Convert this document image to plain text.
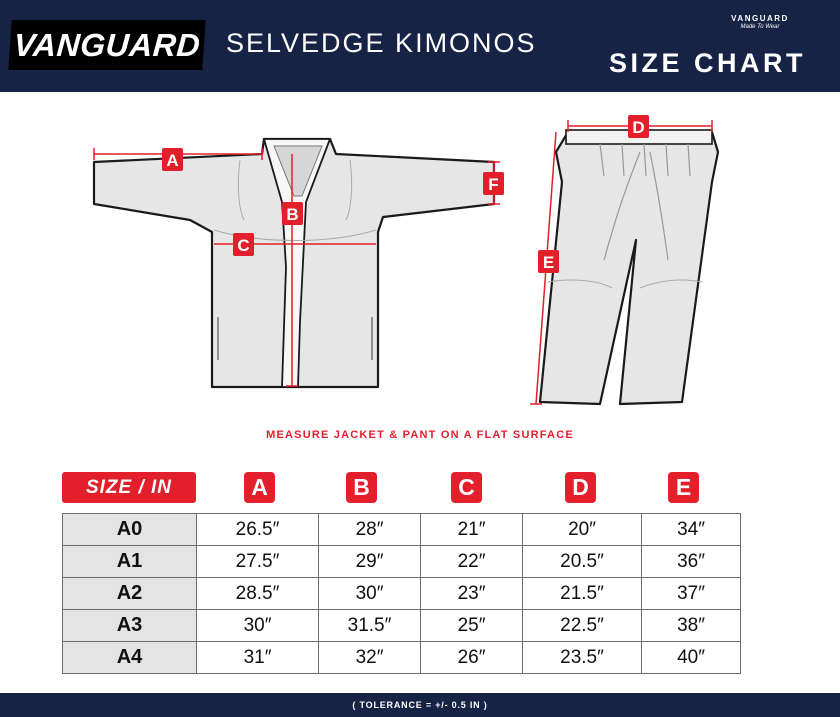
VANGUARD SELVEDGE KIMONOS
VANGUARD
Made To Wear
SIZE CHART
A
B
C
F
D
E
MEASURE JACKET & PANT ON A FLAT SURFACE
SIZE / IN	A	B	C	D	E
A0	26.5″	28″	21″	20″	34″
A1	27.5″	29″	22″	20.5″	36″
A2	28.5″	30″	23″	21.5″	37″
A3	30″	31.5″	25″	22.5″	38″
A4	31″	32″	26″	23.5″	40″
( TOLERANCE = +/- 0.5 IN )
